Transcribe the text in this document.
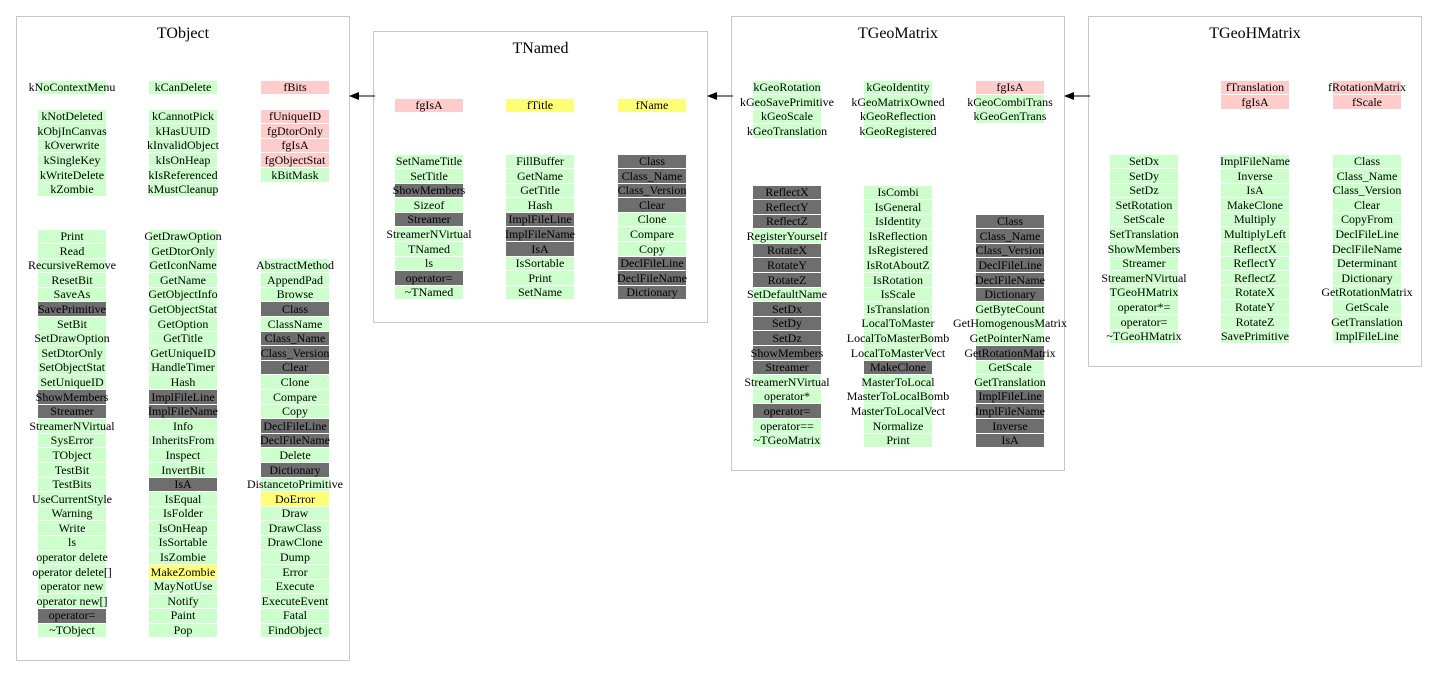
TObject
kNoContextMenu
kNotDeleted
kObjInCanvas
kOverwrite
kSingleKey
kWriteDelete
kZombie
kCanDelete
kCannotPick
kHasUUID
kInvalidObject
kIsOnHeap
kIsReferenced
kMustCleanup
fBits
fUniqueID
fgDtorOnly
fgIsA
fgObjectStat
kBitMask
Print
Read
RecursiveRemove
ResetBit
SaveAs
SavePrimitive
SetBit
SetDrawOption
SetDtorOnly
SetObjectStat
SetUniqueID
ShowMembers
Streamer
StreamerNVirtual
SysError
TObject
TestBit
TestBits
UseCurrentStyle
Warning
Write
ls
operator delete
operator delete[]
operator new
operator new[]
operator=
~TObject
GetDrawOption
GetDtorOnly
GetIconName
GetName
GetObjectInfo
GetObjectStat
GetOption
GetTitle
GetUniqueID
HandleTimer
Hash
ImplFileLine
ImplFileName
Info
InheritsFrom
Inspect
InvertBit
IsA
IsEqual
IsFolder
IsOnHeap
IsSortable
IsZombie
MakeZombie
MayNotUse
Notify
Paint
Pop
AbstractMethod
AppendPad
Browse
Class
ClassName
Class_Name
Class_Version
Clear
Clone
Compare
Copy
DeclFileLine
DeclFileName
Delete
Dictionary
DistancetoPrimitive
DoError
Draw
DrawClass
DrawClone
Dump
Error
Execute
ExecuteEvent
Fatal
FindObject
TNamed
fgIsA	fTitle	fName
SetNameTitle
SetTitle
ShowMembers
Sizeof
Streamer
StreamerNVirtual
TNamed
ls
operator=
~TNamed
FillBuffer
GetName
GetTitle
Hash
ImplFileLine
ImplFileName
IsA
IsSortable
Print
SetName
Class
Class_Name
Class_Version
Clear
Clone
Compare
Copy
DeclFileLine
DeclFileName
Dictionary
TGeoMatrix
kGeoRotation
kGeoSavePrimitive
kGeoScale
kGeoTranslation
kGeoIdentity
kGeoMatrixOwned
kGeoReflection
kGeoRegistered
fgIsA
kGeoCombiTrans
kGeoGenTrans
ReflectX
ReflectY
ReflectZ
RegisterYourself
RotateX
RotateY
RotateZ
SetDefaultName
SetDx
SetDy
SetDz
ShowMembers
Streamer
StreamerNVirtual
operator*
operator=
operator==
~TGeoMatrix
IsCombi
IsGeneral
IsIdentity
IsReflection
IsRegistered
IsRotAboutZ
IsRotation
IsScale
IsTranslation
LocalToMaster
LocalToMasterBomb
LocalToMasterVect
MakeClone
MasterToLocal
MasterToLocalBomb
MasterToLocalVect
Normalize
Print
Class
Class_Name
Class_Version
DeclFileLine
DeclFileName
Dictionary
GetByteCount
GetHomogenousMatrix
GetPointerName
GetRotationMatrix
GetScale
GetTranslation
ImplFileLine
ImplFileName
Inverse
IsA
TGeoHMatrix
fTranslation
fgIsA
fRotationMatrix
fScale
SetDx
SetDy
SetDz
SetRotation
SetScale
SetTranslation
ShowMembers
Streamer
StreamerNVirtual
TGeoHMatrix
operator*=
operator=
~TGeoHMatrix
ImplFileName
Inverse
IsA
MakeClone
Multiply
MultiplyLeft
ReflectX
ReflectY
ReflectZ
RotateX
RotateY
RotateZ
SavePrimitive
Class
Class_Name
Class_Version
Clear
CopyFrom
DeclFileLine
DeclFileName
Determinant
Dictionary
GetRotationMatrix
GetScale
GetTranslation
ImplFileLine
